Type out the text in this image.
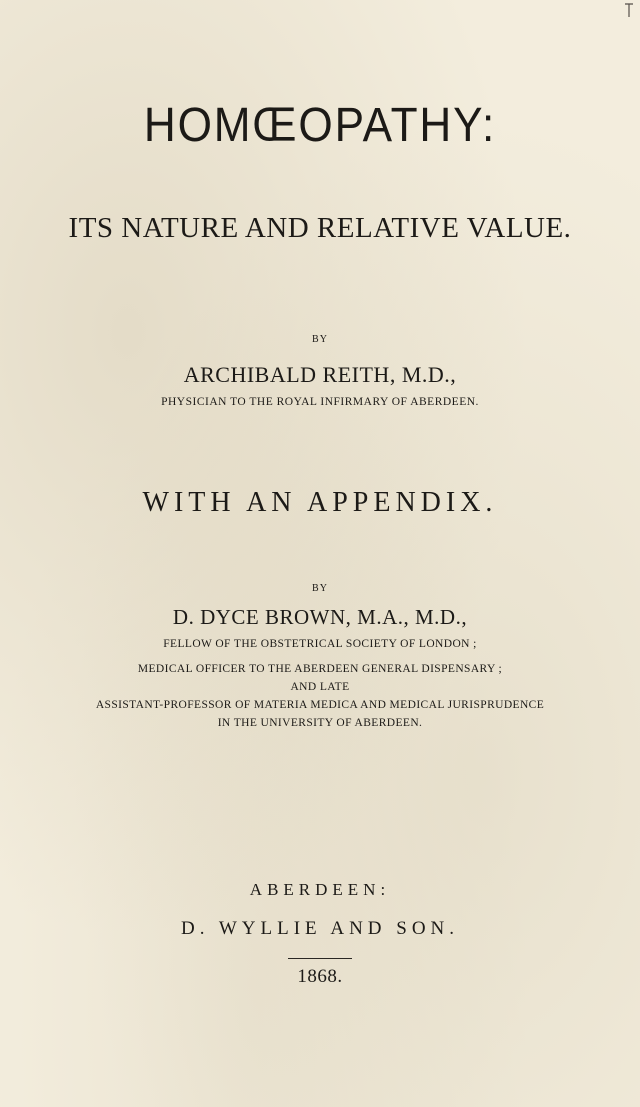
HOMŒOPATHY:
ITS NATURE AND RELATIVE VALUE.
BY
ARCHIBALD REITH, M.D.,
PHYSICIAN TO THE ROYAL INFIRMARY OF ABERDEEN.
WITH AN APPENDIX.
BY
D. DYCE BROWN, M.A., M.D.,
FELLOW OF THE OBSTETRICAL SOCIETY OF LONDON ;
MEDICAL OFFICER TO THE ABERDEEN GENERAL DISPENSARY ;
AND LATE
ASSISTANT-PROFESSOR OF MATERIA MEDICA AND MEDICAL JURISPRUDENCE
IN THE UNIVERSITY OF ABERDEEN.
ABERDEEN:
D. WYLLIE AND SON.
1868.
